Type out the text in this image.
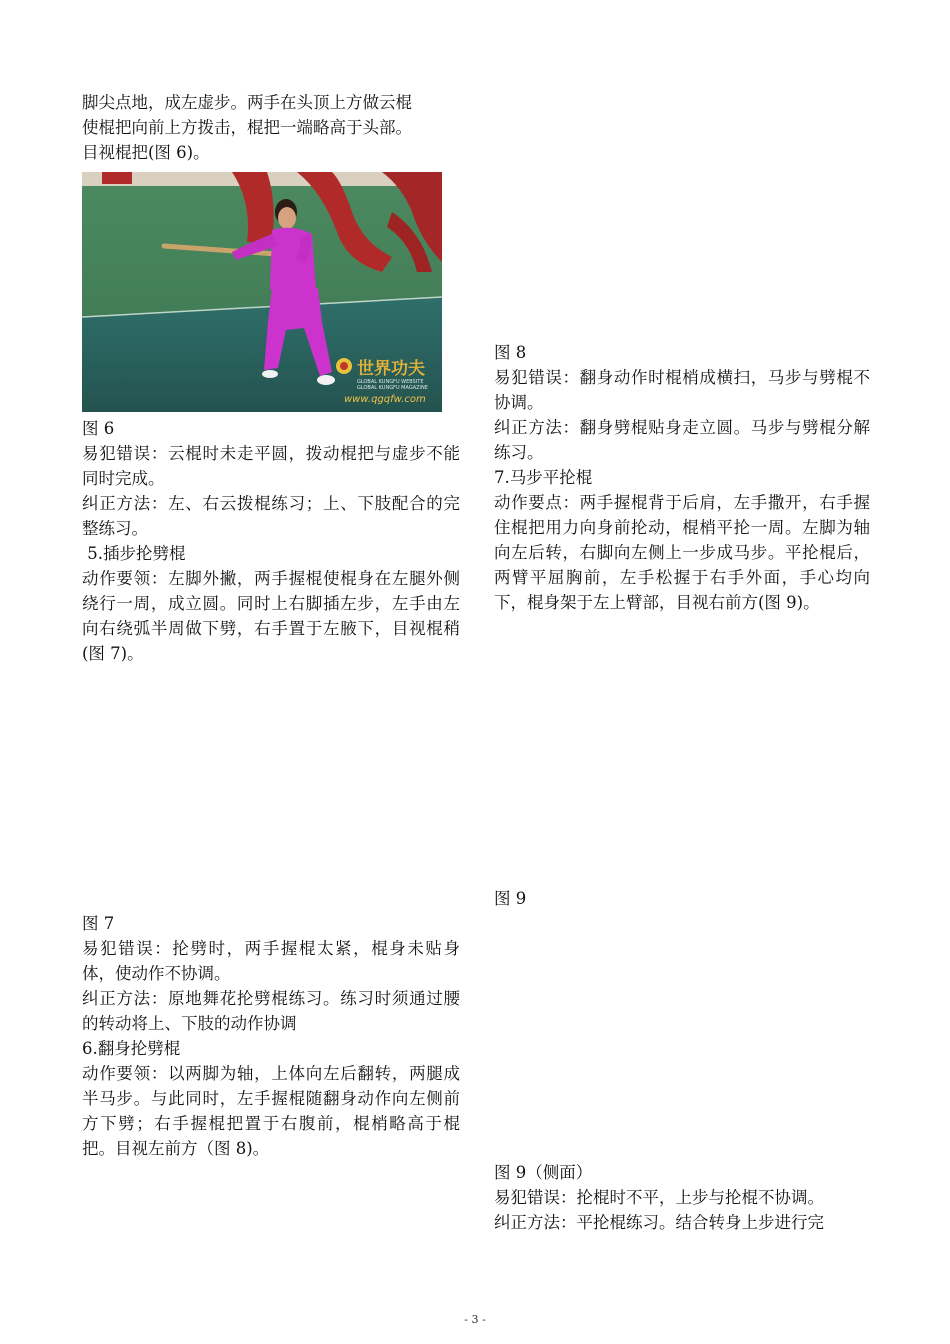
脚尖点地，成左虚步。两手在头顶上方做云棍

使棍把向前上方拨击，棍把一端略高于头部。

目视棍把(图 6)。

世界功夫
GLOBAL KUNGFU WEBSITE
GLOBAL KUNGFU MAGAZINE
www.qgqfw.com

图 6

易犯错误：云棍时未走平圆，拨动棍把与虚步不能同时完成。

纠正方法：左、右云拨棍练习；上、下肢配合的完整练习。

5.插步抡劈棍

动作要领：左脚外撇，两手握棍使棍身在左腿外侧绕行一周，成立圆。同时上右脚插左步，左手由左向右绕弧半周做下劈，右手置于左腋下，目视棍稍(图 7)。

图 7

易犯错误：抡劈时，两手握棍太紧，棍身未贴身体，使动作不协调。

纠正方法：原地舞花抡劈棍练习。练习时须通过腰的转动将上、下肢的动作协调

6.翻身抡劈棍

动作要领：以两脚为轴，上体向左后翻转，两腿成半马步。与此同时，左手握棍随翻身动作向左侧前方下劈；右手握棍把置于右腹前，棍梢略高于棍把。目视左前方（图 8)。

图 8

易犯错误：翻身动作时棍梢成横扫，马步与劈棍不协调。

纠正方法：翻身劈棍贴身走立圆。马步与劈棍分解练习。

7.马步平抡棍

动作要点：两手握棍背于后肩，左手撒开，右手握住棍把用力向身前抡动，棍梢平抡一周。左脚为轴向左后转，右脚向左侧上一步成马步。平抡棍后，两臂平屈胸前，左手松握于右手外面，手心均向下，棍身架于左上臂部，目视右前方(图 9)。

图 9

图 9（侧面）

易犯错误：抡棍时不平，上步与抡棍不协调。

纠正方法：平抡棍练习。结合转身上步进行完

- 3 -
